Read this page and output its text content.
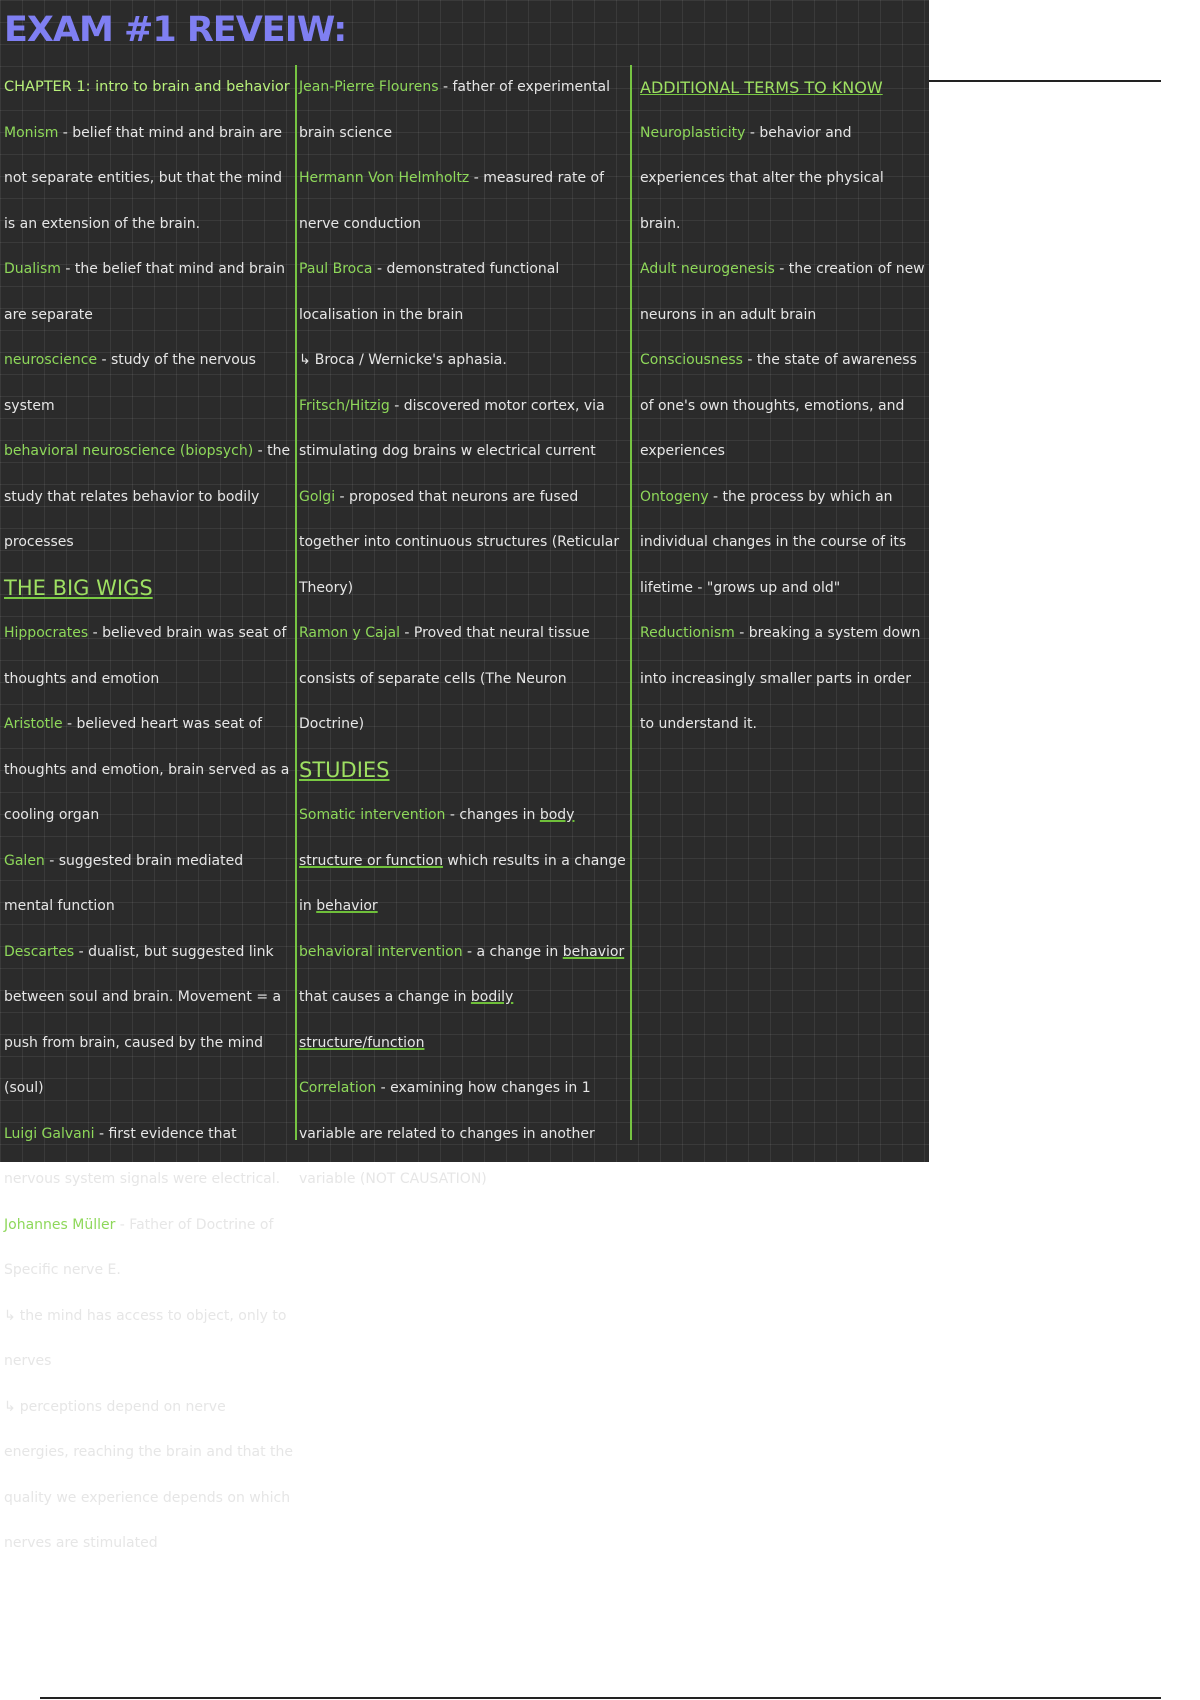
EXAM #1 REVEIW:

CHAPTER 1: intro to brain and behavior

Monism - belief that mind and brain are not separate entities, but that the mind is an extension of the brain.

Dualism - the belief that mind and brain are separate

neuroscience - study of the nervous system

behavioral neuroscience (biopsych) - the study that relates behavior to bodily processes

THE BIG WIGS

Hippocrates - believed brain was seat of thoughts and emotion

Aristotle - believed heart was seat of thoughts and emotion, brain served as a cooling organ

Galen - suggested brain mediated mental function

Descartes - dualist, but suggested link between soul and brain. Movement = a push from brain, caused by the mind (soul)

Luigi Galvani - first evidence that nervous system signals were electrical.

Johannes Müller - Father of Doctrine of Specific nerve E.

↳ the mind has access to object, only to nerves

↳ perceptions depend on nerve energies, reaching the brain and that the quality we experience depends on which nerves are stimulated

Jean-Pierre Flourens - father of experimental brain science

Hermann Von Helmholtz - measured rate of nerve conduction

Paul Broca - demonstrated functional localisation in the brain

↳ Broca / Wernicke's aphasia.

Fritsch/Hitzig - discovered motor cortex, via stimulating dog brains w electrical current

Golgi - proposed that neurons are fused together into continuous structures (Reticular Theory)

Ramon y Cajal - Proved that neural tissue consists of separate cells (The Neuron Doctrine)

STUDIES

Somatic intervention - changes in body structure or function which results in a change in behavior

behavioral intervention - a change in behavior that causes a change in bodily structure/function

Correlation - examining how changes in 1 variable are related to changes in another variable (NOT CAUSATION)

ADDITIONAL TERMS TO KNOW

Neuroplasticity - behavior and experiences that alter the physical brain.

Adult neurogenesis - the creation of new neurons in an adult brain

Consciousness - the state of awareness of one's own thoughts, emotions, and experiences

Ontogeny - the process by which an individual changes in the course of its lifetime - "grows up and old"

Reductionism - breaking a system down into increasingly smaller parts in order to understand it.
